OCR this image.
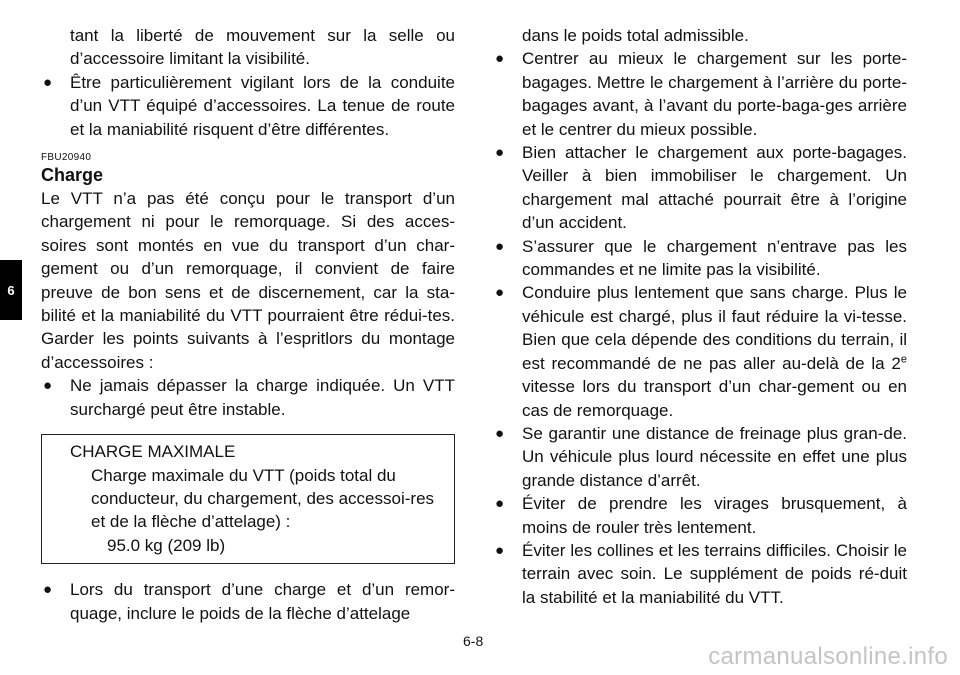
6

tant la liberté de mouvement sur la selle ou d’accessoire limitant la visibilité.

● Être particulièrement vigilant lors de la conduite d’un VTT équipé d’accessoires. La tenue de route et la maniabilité risquent d’être différentes.
FBU20940
Charge

Le VTT n’a pas été conçu pour le transport d’un chargement ni pour le remorquage. Si des acces-soires sont montés en vue du transport d’un char-gement ou d’un remorquage, il convient de faire preuve de bon sens et de discernement, car la sta-bilité et la maniabilité du VTT pourraient être rédui-tes. Garder les points suivants à l’espritlors du montage d’accessoires :

● Ne jamais dépasser la charge indiquée. Un VTT surchargé peut être instable.
CHARGE MAXIMALE
Charge maximale du VTT (poids total du conducteur, du chargement, des accessoi-res et de la flèche d’attelage) :
95.0 kg (209 lb)
● Lors du transport d’une charge et d’un remor-quage, inclure le poids de la flèche d’attelage

dans le poids total admissible.

● Centrer au mieux le chargement sur les porte-bagages. Mettre le chargement à l’arrière du porte-bagages avant, à l’avant du porte-baga-ges arrière et le centrer du mieux possible.
● Bien attacher le chargement aux porte-bagages. Veiller à bien immobiliser le chargement. Un chargement mal attaché pourrait être à l’origine d’un accident.
● S’assurer que le chargement n’entrave pas les commandes et ne limite pas la visibilité.
● Conduire plus lentement que sans charge. Plus le véhicule est chargé, plus il faut réduire la vi-tesse. Bien que cela dépende des conditions du terrain, il est recommandé de ne pas aller au-delà de la 2e vitesse lors du transport d’un char-gement ou en cas de remorquage.
● Se garantir une distance de freinage plus gran-de. Un véhicule plus lourd nécessite en effet une plus grande distance d’arrêt.
● Éviter de prendre les virages brusquement, à moins de rouler très lentement.
● Éviter les collines et les terrains difficiles. Choisir le terrain avec soin. Le supplément de poids ré-duit la stabilité et la maniabilité du VTT.
6-8
carmanualsonline.info
